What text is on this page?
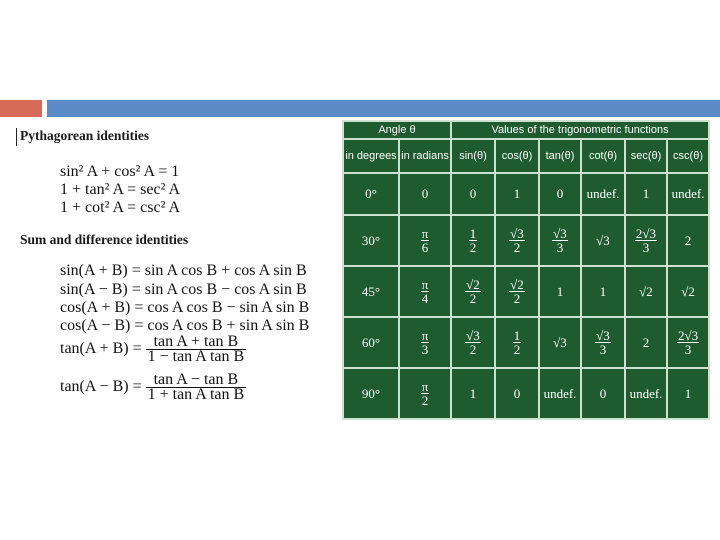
Pythagorean identities
sin² A + cos² A = 1
1 + tan² A = sec² A
1 + cot² A = csc² A
Sum and difference identities
sin(A + B) = sin A cos B + cos A sin B
sin(A − B) = sin A cos B − cos A sin B
cos(A + B) = cos A cos B − sin A sin B
cos(A − B) = cos A cos B + sin A sin B
$\tan(A + B) = \frac{\text{tan A + tan B}}{\text{1 − tan A tan B}}$
$\tan(A - B) = \frac{\text{tan A − tan B}}{\text{1 + tan A tan B}}$
Angle θ		Values of the trigonometric functions					
in degrees	in radians	sin(θ)	cos(θ)	tan(θ)	cot(θ)	sec(θ)	csc(θ)
0°	0	0	1	0	undef.	1	undef.
30°	$\frac{\pi}{6}$	$\frac{1}{2}$	$\frac{√3}{2}$	$\frac{√3}{3}$	√3	$\frac{2√3}{3}$	2
45°	$\frac{\pi}{4}$	$\frac{√2}{2}$	$\frac{√2}{2}$	1	1	√2	√2
60°	$\frac{\pi}{3}$	$\frac{√3}{2}$	$\frac{1}{2}$	√3	$\frac{√3}{3}$	2	$\frac{2√3}{3}$

90°	$\frac{\pi}{2}$	1	0	undef.	0	undef.	1
